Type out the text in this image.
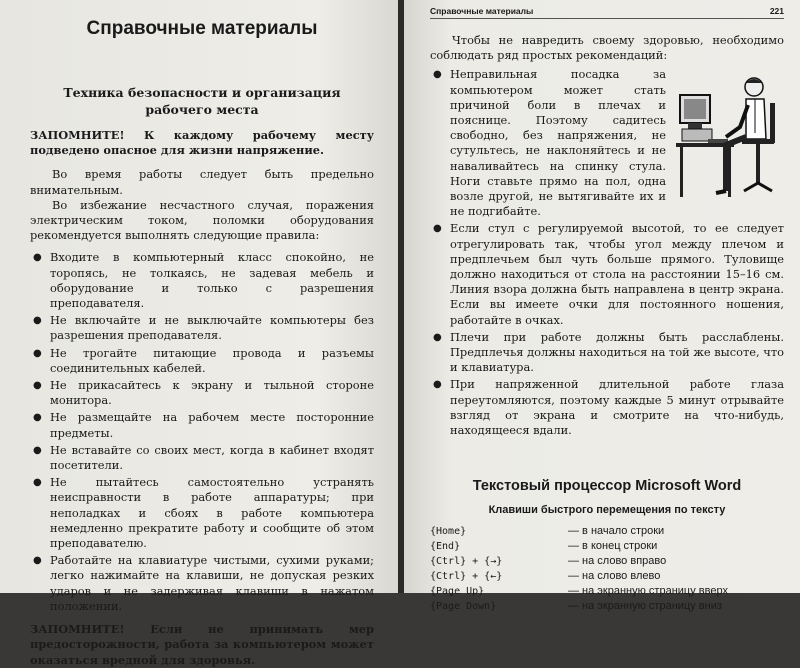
Справочные материалы
Техника безопасности и организация
рабочего места

ЗАПОМНИТЕ! К каждому рабочему месту подведено опасное для жизни напряжение.

Во время работы следует быть предельно внимательным.

Во избежание несчастного случая, поражения электрическим током, поломки оборудования рекомендуется выполнять следующие правила:

● Входите в компьютерный класс спокойно, не торопясь, не толкаясь, не задевая мебель и оборудование и только с разрешения преподавателя.
● Не включайте и не выключайте компьютеры без разрешения преподавателя.
● Не трогайте питающие провода и разъемы соединительных кабелей.
● Не прикасайтесь к экрану и тыльной стороне монитора.
● Не размещайте на рабочем месте посторонние предметы.
● Не вставайте со своих мест, когда в кабинет входят посетители.
● Не пытайтесь самостоятельно устранять неисправности в работе аппаратуры; при неполадках и сбоях в работе компьютера немедленно прекратите работу и сообщите об этом преподавателю.
● Работайте на клавиатуре чистыми, сухими руками; легко нажимайте на клавиши, не допуская резких ударов и не задерживая клавиши в нажатом положении.

ЗАПОМНИТЕ! Если не принимать мер предосторожности, работа за компьютером может оказаться вредной для здоровья.

Справочные материалы	221

Чтобы не навредить своему здоровью, необходимо соблюдать ряд простых рекомендаций:

● Неправильная посадка за компьютером может стать причиной боли в плечах и пояснице. Поэтому садитесь свободно, без напряжения, не сутультесь, не наклоняйтесь и не наваливайтесь на спинку стула. Ноги ставьте прямо на пол, одна возле другой, не вытягивайте их и не подгибайте.
● Если стул с регулируемой высотой, то ее следует отрегулировать так, чтобы угол между плечом и предплечьем был чуть больше прямого. Туловище должно находиться от стола на расстоянии 15–16 см. Линия взора должна быть направлена в центр экрана. Если вы имеете очки для постоянного ношения, работайте в очках.
● Плечи при работе должны быть расслаблены. Предплечья должны находиться на той же высоте, что и клавиатура.
● При напряженной длительной работе глаза переутомляются, поэтому каждые 5 минут отрывайте взгляд от экрана и смотрите на что-нибудь, находящееся вдали.
Текстовый процессор Microsoft Word
Клавиши быстрого перемещения по тексту
{Home}	— в начало строки
{End}	— в конец строки
{Ctrl} + {→}	— на слово вправо
{Ctrl} + {←}	— на слово влево
{Page Up}	— на экранную страницу вверх
{Page Down}	— на экранную страницу вниз
